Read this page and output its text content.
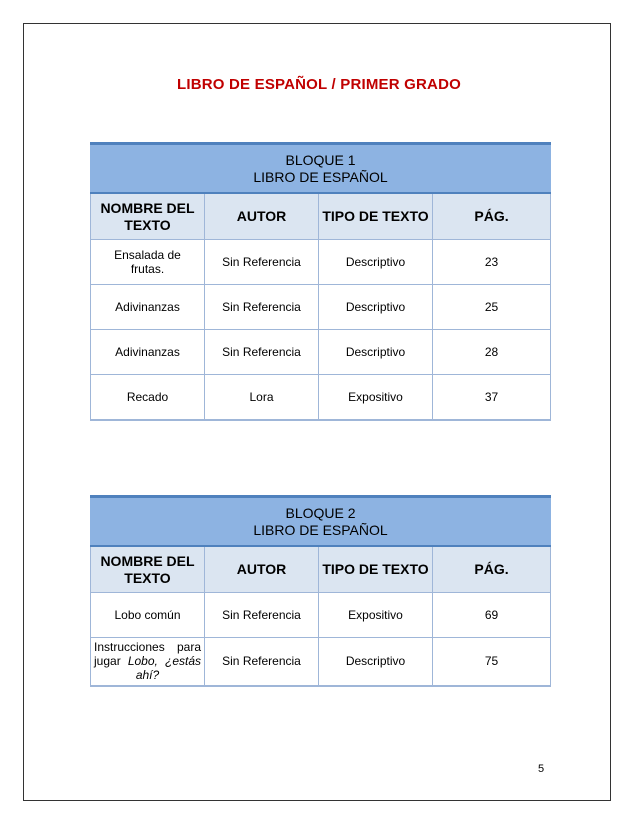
LIBRO DE ESPAÑOL / PRIMER GRADO
BLOQUE 1
LIBRO DE ESPAÑOL			

NOMBRE DEL TEXTO	AUTOR	TIPO DE TEXTO	PÁG.
Ensalada de frutas.	Sin Referencia	Descriptivo	23
Adivinanzas	Sin Referencia	Descriptivo	25
Adivinanzas	Sin Referencia	Descriptivo	28
Recado	Lora	Expositivo	37
BLOQUE 2
LIBRO DE ESPAÑOL			

NOMBRE DEL TEXTO	AUTOR	TIPO DE TEXTO	PÁG.
Lobo común	Sin Referencia	Expositivo	69
Instrucciones para jugar Lobo, ¿estás ahí?	Sin Referencia	Descriptivo	75
5
